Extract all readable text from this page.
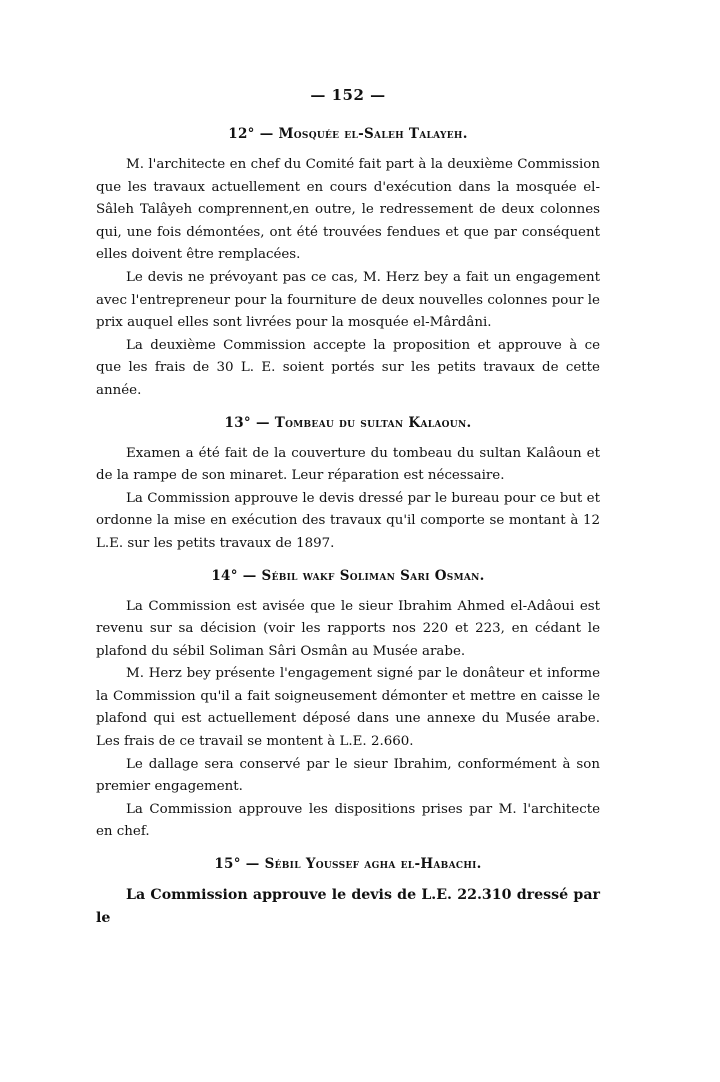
— 152 —
12° — Mosquée el-Saleh Talayeh.

M. l'architecte en chef du Comité fait part à la deuxième Commission que les travaux actuellement en cours d'exécution dans la mosquée el-Sâleh Talâyeh comprennent,en outre, le redressement de deux colonnes qui, une fois démontées, ont été trouvées fendues et que par conséquent elles doivent être remplacées.

Le devis ne prévoyant pas ce cas, M. Herz bey a fait un engagement avec l'entrepreneur pour la fourniture de deux nouvelles colonnes pour le prix auquel elles sont livrées pour la mosquée el-Mârdâni.

La deuxième Commission accepte la proposition et approuve à ce que les frais de 30 L. E. soient portés sur les petits travaux de cette année.

13° — Tombeau du sultan Kalaoun.

Examen a été fait de la couverture du tombeau du sultan Kalâoun et de la rampe de son minaret. Leur réparation est nécessaire.

La Commission approuve le devis dressé par le bureau pour ce but et ordonne la mise en exécution des travaux qu'il comporte se montant à 12 L.E. sur les petits travaux de 1897.

14° — Sébil wakf Soliman Sari Osman.

La Commission est avisée que le sieur Ibrahim Ahmed el-Adâoui est revenu sur sa décision (voir les rapports nos 220 et 223, en cédant le plafond du sébil Soliman Sâri Osmân au Musée arabe.

M. Herz bey présente l'engagement signé par le donâteur et informe la Commission qu'il a fait soigneusement démonter et mettre en caisse le plafond qui est actuellement déposé dans une annexe du Musée arabe. Les frais de ce travail se montent à L.E. 2.660.

Le dallage sera conservé par le sieur Ibrahim, conformément à son premier engagement.

La Commission approuve les dispositions prises par M. l'architecte en chef.

15° — Sébil Youssef agha el-Habachi.

La Commission approuve le devis de L.E. 22.310 dressé par le
